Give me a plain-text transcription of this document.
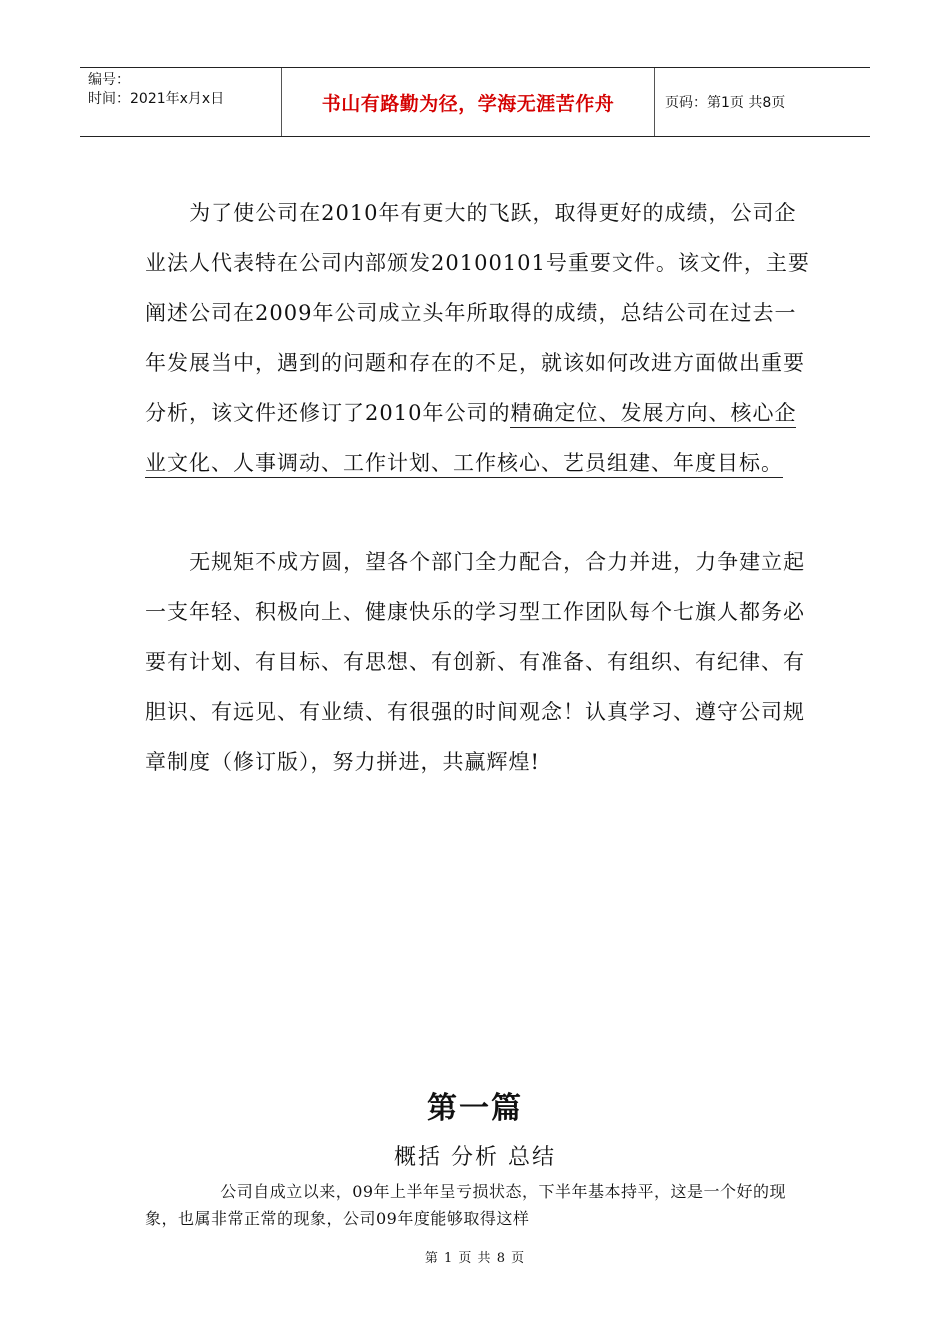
编号：
时间：2021年x月x日	书山有路勤为径，学海无涯苦作舟	页码：第1页 共8页

为了使公司在2010年有更大的飞跃，取得更好的成绩，公司企业法人代表特在公司内部颁发20100101号重要文件。该文件，主要阐述公司在2009年公司成立头年所取得的成绩，总结公司在过去一年发展当中，遇到的问题和存在的不足，就该如何改进方面做出重要分析，该文件还修订了2010年公司的精确定位、发展方向、核心企业文化、人事调动、工作计划、工作核心、艺员组建、年度目标。

无规矩不成方圆，望各个部门全力配合，合力并进，力争建立起一支年轻、积极向上、健康快乐的学习型工作团队每个七旗人都务必要有计划、有目标、有思想、有创新、有准备、有组织、有纪律、有胆识、有远见、有业绩、有很强的时间观念！认真学习、遵守公司规章制度（修订版），努力拼进，共赢辉煌!

第一篇
概括 分析 总结

公司自成立以来，09年上半年呈亏损状态，下半年基本持平，这是一个好的现象，也属非常正常的现象，公司09年度能够取得这样

第 1 页 共 8 页
